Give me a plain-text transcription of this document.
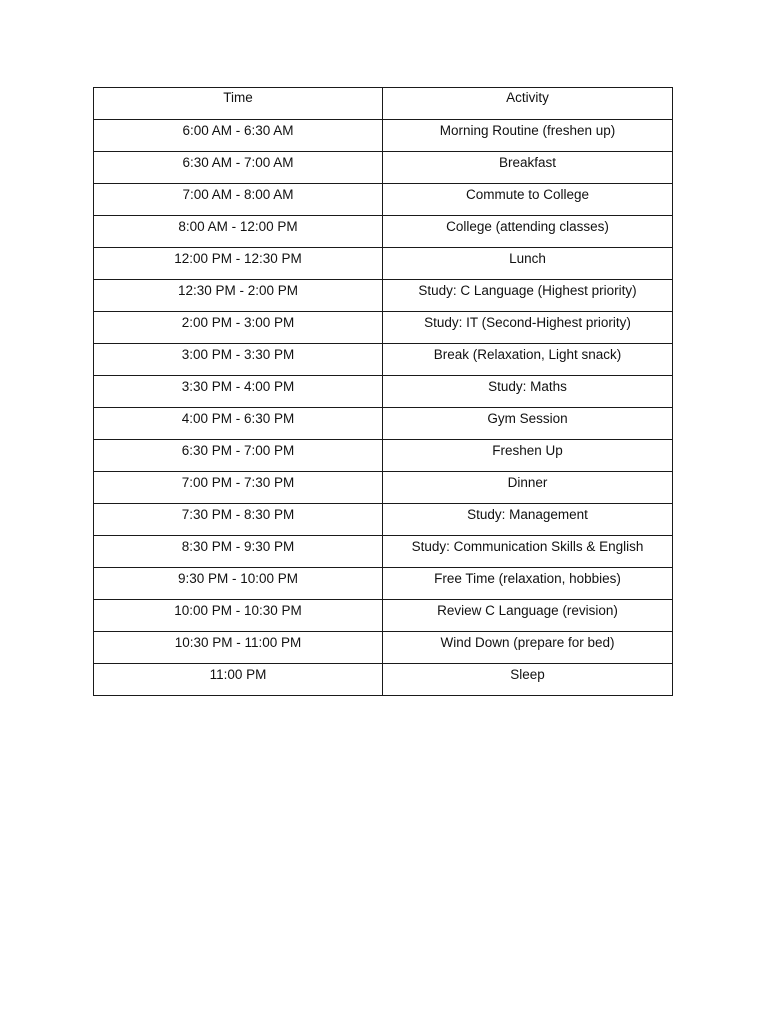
Time	Activity
6:00 AM - 6:30 AM	Morning Routine (freshen up)
6:30 AM - 7:00 AM	Breakfast
7:00 AM - 8:00 AM	Commute to College
8:00 AM - 12:00 PM	College (attending classes)
12:00 PM - 12:30 PM	Lunch
12:30 PM - 2:00 PM	Study: C Language (Highest priority)
2:00 PM - 3:00 PM	Study: IT (Second-Highest priority)
3:00 PM - 3:30 PM	Break (Relaxation, Light snack)
3:30 PM - 4:00 PM	Study: Maths
4:00 PM - 6:30 PM	Gym Session
6:30 PM - 7:00 PM	Freshen Up
7:00 PM - 7:30 PM	Dinner
7:30 PM - 8:30 PM	Study: Management
8:30 PM - 9:30 PM	Study: Communication Skills & English
9:30 PM - 10:00 PM	Free Time (relaxation, hobbies)
10:00 PM - 10:30 PM	Review C Language (revision)
10:30 PM - 11:00 PM	Wind Down (prepare for bed)
11:00 PM	Sleep
